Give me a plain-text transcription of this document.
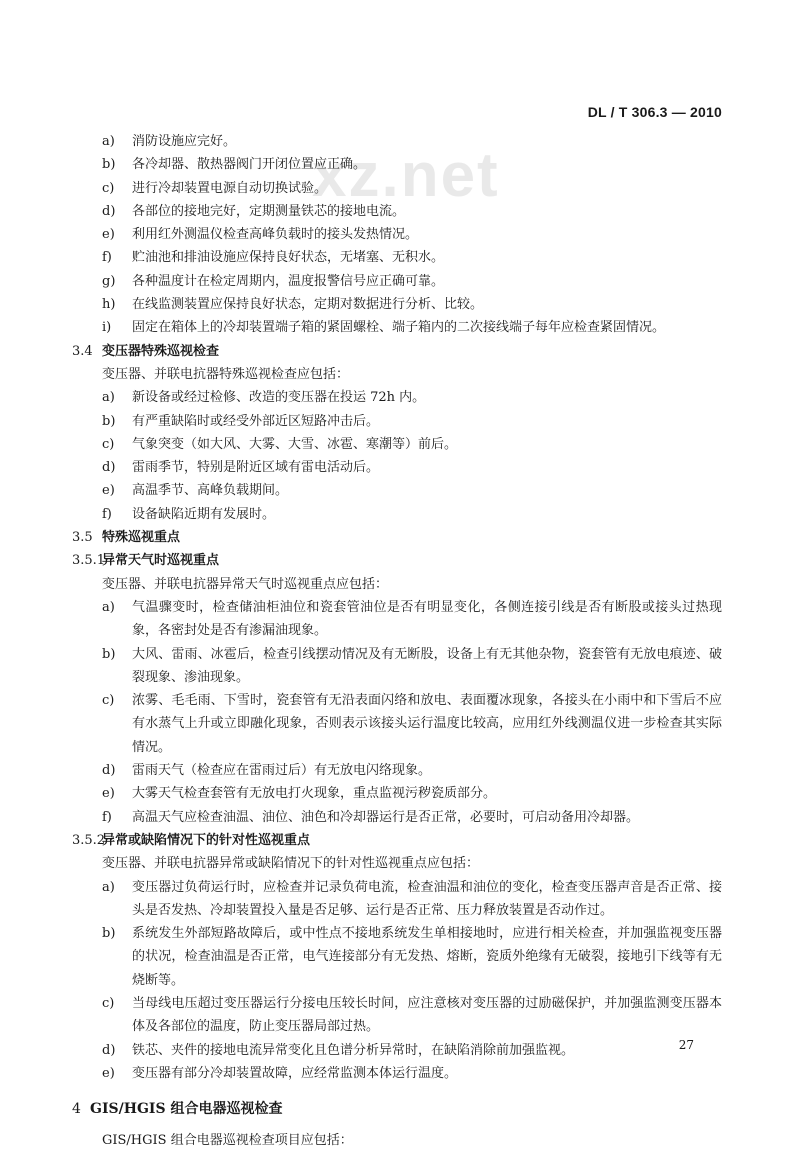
DL / T 306.3 — 2010
xz.net
a)	消防设施应完好。
b)	各冷却器、散热器阀门开闭位置应正确。
c)	进行冷却装置电源自动切换试验。
d)	各部位的接地完好，定期测量铁芯的接地电流。
e)	利用红外测温仪检查高峰负载时的接头发热情况。
f)	贮油池和排油设施应保持良好状态，无堵塞、无积水。
g)	各种温度计在检定周期内，温度报警信号应正确可靠。
h)	在线监测装置应保持良好状态，定期对数据进行分析、比较。
i)	固定在箱体上的冷却装置端子箱的紧固螺栓、端子箱内的二次接线端子每年应检查紧固情况。
3.4 变压器特殊巡视检查
变压器、并联电抗器特殊巡视检查应包括：
a)	新设备或经过检修、改造的变压器在投运 72h 内。
b)	有严重缺陷时或经受外部近区短路冲击后。
c)	气象突变（如大风、大雾、大雪、冰雹、寒潮等）前后。
d)	雷雨季节，特别是附近区域有雷电活动后。
e)	高温季节、高峰负载期间。
f)	设备缺陷近期有发展时。
3.5 特殊巡视重点
3.5.1异常天气时巡视重点
变压器、并联电抗器异常天气时巡视重点应包括：
a)	气温骤变时，检查储油柜油位和瓷套管油位是否有明显变化，各侧连接引线是否有断股或接头过热现象，各密封处是否有渗漏油现象。
b)	大风、雷雨、冰雹后，检查引线摆动情况及有无断股，设备上有无其他杂物，瓷套管有无放电痕迹、破裂现象、渗油现象。
c)	浓雾、毛毛雨、下雪时，瓷套管有无沿表面闪络和放电、表面覆冰现象，各接头在小雨中和下雪后不应有水蒸气上升或立即融化现象，否则表示该接头运行温度比较高，应用红外线测温仪进一步检查其实际情况。
d)	雷雨天气（检查应在雷雨过后）有无放电闪络现象。
e)	大雾天气检查套管有无放电打火现象，重点监视污秽瓷质部分。
f)	高温天气应检查油温、油位、油色和冷却器运行是否正常，必要时，可启动备用冷却器。
3.5.2异常或缺陷情况下的针对性巡视重点
变压器、并联电抗器异常或缺陷情况下的针对性巡视重点应包括：
a)	变压器过负荷运行时，应检查并记录负荷电流，检查油温和油位的变化，检查变压器声音是否正常、接头是否发热、冷却装置投入量是否足够、运行是否正常、压力释放装置是否动作过。
b)	系统发生外部短路故障后，或中性点不接地系统发生单相接地时，应进行相关检查，并加强监视变压器的状况，检查油温是否正常，电气连接部分有无发热、熔断，瓷质外绝缘有无破裂，接地引下线等有无烧断等。
c)	当母线电压超过变压器运行分接电压较长时间，应注意核对变压器的过励磁保护，并加强监测变压器本体及各部位的温度，防止变压器局部过热。
d)	铁芯、夹件的接地电流异常变化且色谱分析异常时，在缺陷消除前加强监视。
e)	变压器有部分冷却装置故障，应经常监测本体运行温度。
4 GIS/HGIS 组合电器巡视检查
GIS/HGIS 组合电器巡视检查项目应包括：
27
